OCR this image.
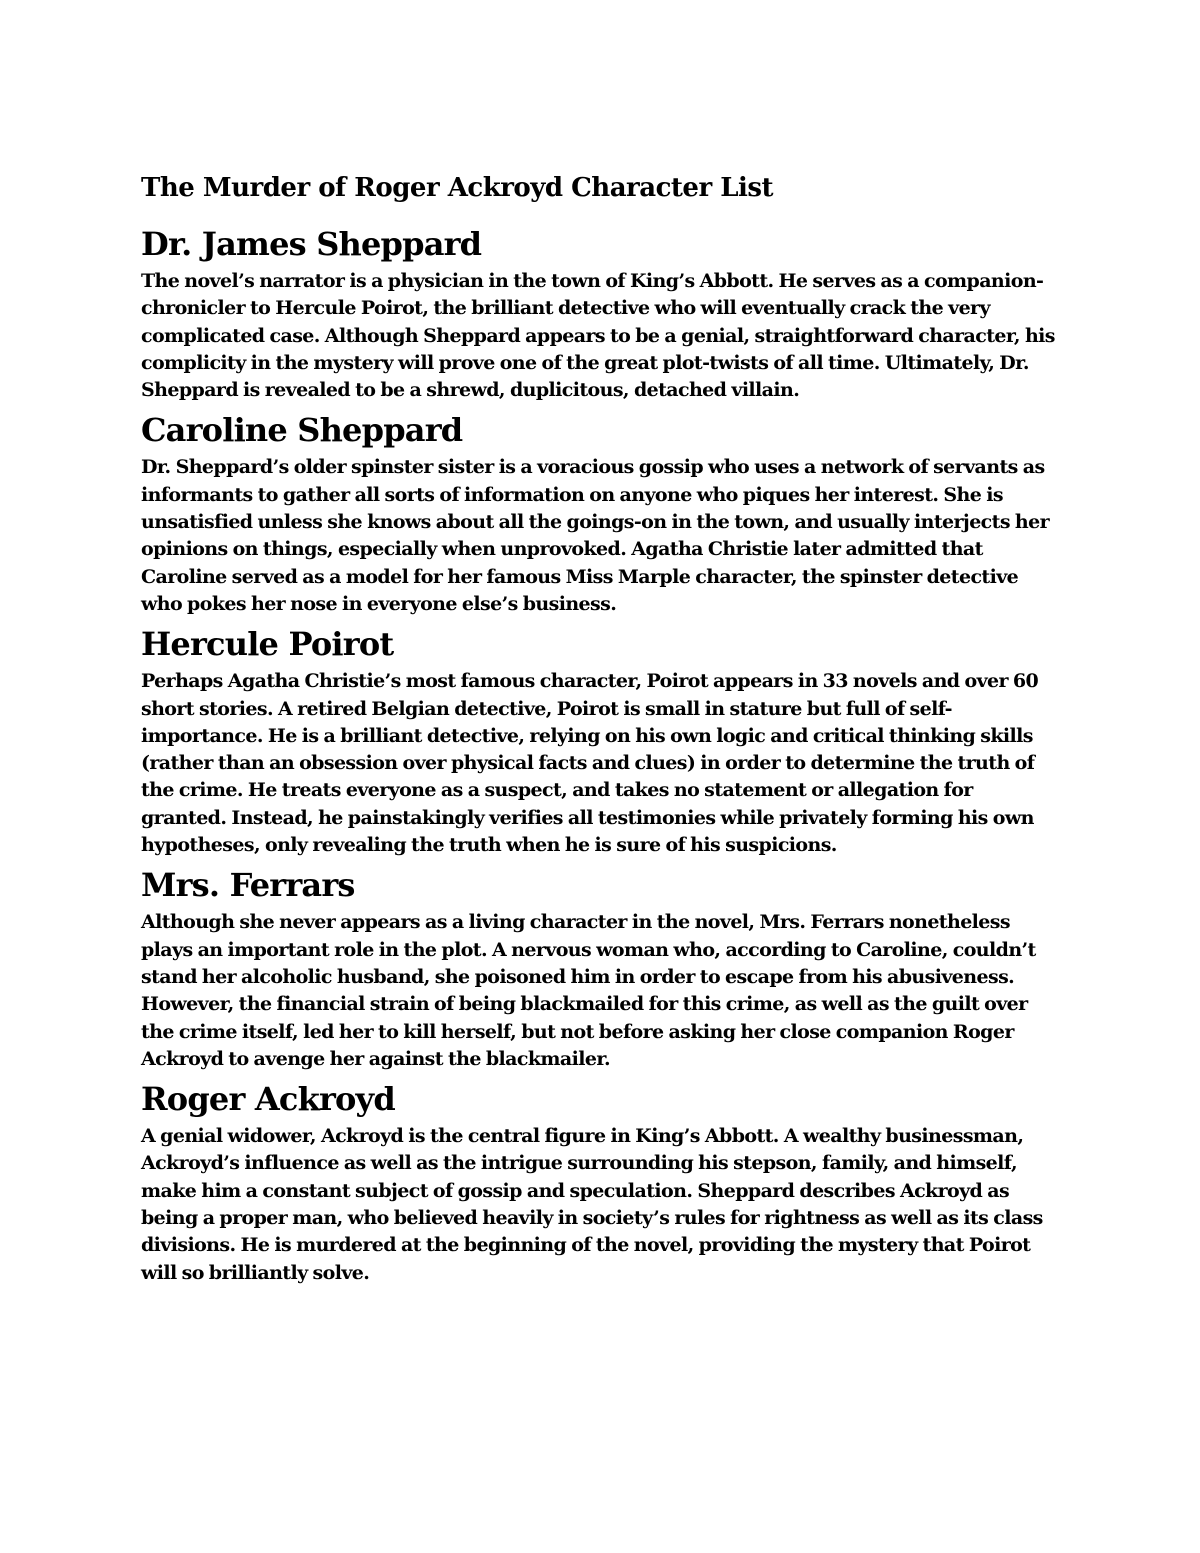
The Murder of Roger Ackroyd Character List
Dr. James Sheppard

The novel’s narrator is a physician in the town of King’s Abbott. He serves as a companion-chronicler to Hercule Poirot, the brilliant detective who will eventually crack the very complicated case. Although Sheppard appears to be a genial, straightforward character, his complicity in the mystery will prove one of the great plot-twists of all time. Ultimately, Dr. Sheppard is revealed to be a shrewd, duplicitous, detached villain.

Caroline Sheppard

Dr. Sheppard’s older spinster sister is a voracious gossip who uses a network of servants as informants to gather all sorts of information on anyone who piques her interest. She is unsatisfied unless she knows about all the goings-on in the town, and usually interjects her opinions on things, especially when unprovoked. Agatha Christie later admitted that Caroline served as a model for her famous Miss Marple character, the spinster detective who pokes her nose in everyone else’s business.

Hercule Poirot

Perhaps Agatha Christie’s most famous character, Poirot appears in 33 novels and over 60 short stories. A retired Belgian detective, Poirot is small in stature but full of self-importance. He is a brilliant detective, relying on his own logic and critical thinking skills (rather than an obsession over physical facts and clues) in order to determine the truth of the crime. He treats everyone as a suspect, and takes no statement or allegation for granted. Instead, he painstakingly verifies all testimonies while privately forming his own hypotheses, only revealing the truth when he is sure of his suspicions.

Mrs. Ferrars

Although she never appears as a living character in the novel, Mrs. Ferrars nonetheless plays an important role in the plot. A nervous woman who, according to Caroline, couldn’t stand her alcoholic husband, she poisoned him in order to escape from his abusiveness. However, the financial strain of being blackmailed for this crime, as well as the guilt over the crime itself, led her to kill herself, but not before asking her close companion Roger Ackroyd to avenge her against the blackmailer.

Roger Ackroyd

A genial widower, Ackroyd is the central figure in King’s Abbott. A wealthy businessman, Ackroyd’s influence as well as the intrigue surrounding his stepson, family, and himself, make him a constant subject of gossip and speculation. Sheppard describes Ackroyd as being a proper man, who believed heavily in society’s rules for rightness as well as its class divisions. He is murdered at the beginning of the novel, providing the mystery that Poirot will so brilliantly solve.
